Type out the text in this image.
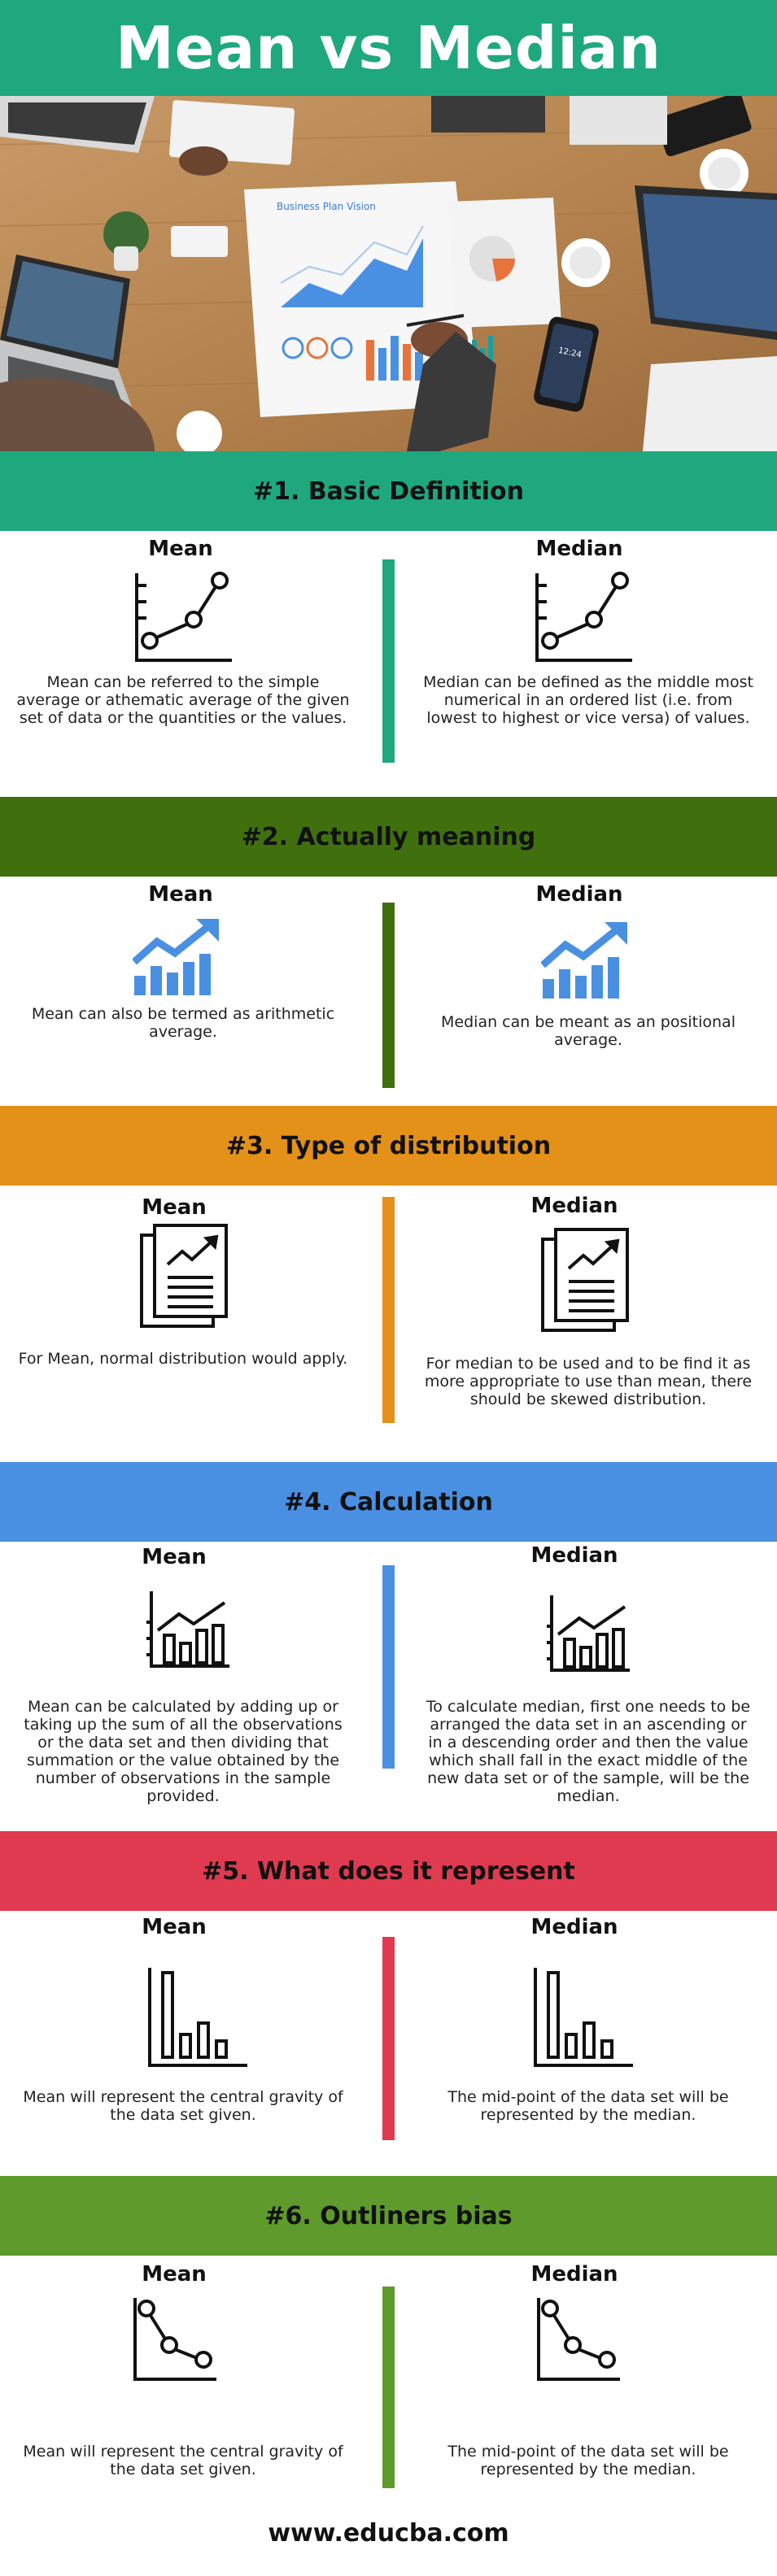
Mean vs Median
Business Plan Vision
12:24
#1. Basic Definition
Mean	Median
Mean can be referred to the simple average or athematic average of the given set of data or the quantities or the values.
Median can be defined as the middle most numerical in an ordered list (i.e. from lowest to highest or vice versa) of values.
#2. Actually meaning
Mean	Median
Mean can also be termed as arithmetic average.
Median can be meant as an positional average.
#3. Type of distribution
Mean	Median
For Mean, normal distribution would apply.	For median to be used and to be find it as more appropriate to use than mean, there should be skewed distribution.
#4. Calculation
Mean	Median
Mean can be calculated by adding up or taking up the sum of all the observations or the data set and then dividing that summation or the value obtained by the number of observations in the sample provided.
To calculate median, first one needs to be arranged the data set in an ascending or in a descending order and then the value which shall fall in the exact middle of the new data set or of the sample, will be the median.
#5. What does it represent
Mean	Median
Mean will represent the central gravity of the data set given.
The mid-point of the data set will be represented by the median.
#6. Outliners bias
Mean	Median
Mean will represent the central gravity of the data set given.
The mid-point of the data set will be represented by the median.
www.educba.com
